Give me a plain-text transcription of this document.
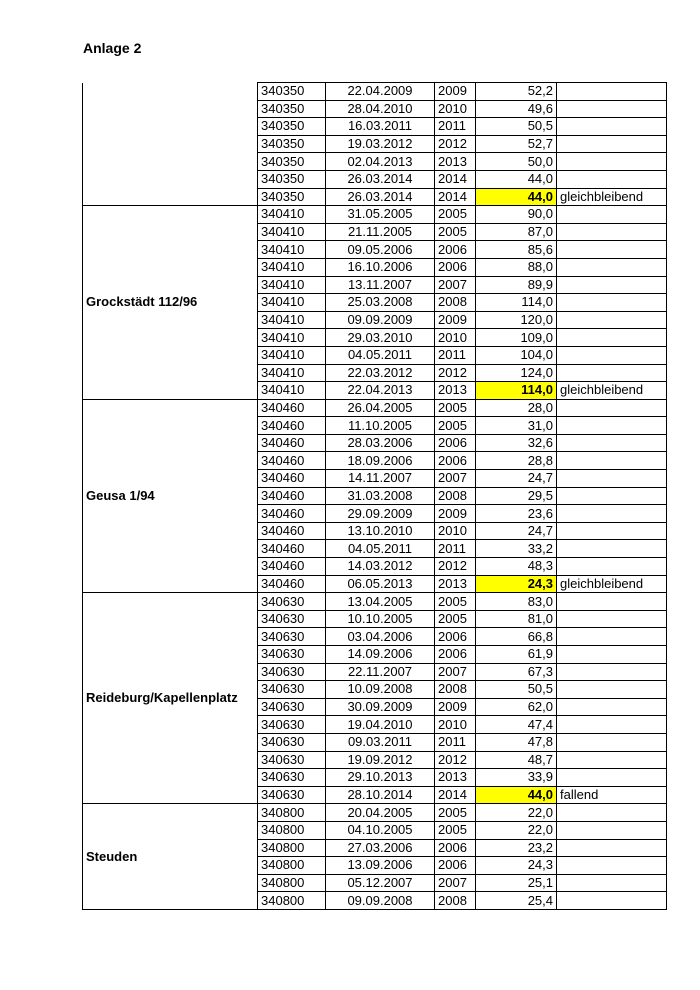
Anlage 2
	340350	22.04.2009	2009	52,2	
	340350	28.04.2010	2010	49,6	
	340350	16.03.2011	2011	50,5	
	340350	19.03.2012	2012	52,7	
	340350	02.04.2013	2013	50,0	
	340350	26.03.2014	2014	44,0	
	340350	26.03.2014	2014	44,0	gleichbleibend
Grockstädt 112/96	340410	31.05.2005	2005	90,0	
	340410	21.11.2005	2005	87,0	
	340410	09.05.2006	2006	85,6	
	340410	16.10.2006	2006	88,0	
	340410	13.11.2007	2007	89,9	
	340410	25.03.2008	2008	114,0	
	340410	09.09.2009	2009	120,0	
	340410	29.03.2010	2010	109,0	
	340410	04.05.2011	2011	104,0	
	340410	22.03.2012	2012	124,0	
	340410	22.04.2013	2013	114,0	gleichbleibend
Geusa 1/94	340460	26.04.2005	2005	28,0	
	340460	11.10.2005	2005	31,0	
	340460	28.03.2006	2006	32,6	
	340460	18.09.2006	2006	28,8	
	340460	14.11.2007	2007	24,7	
	340460	31.03.2008	2008	29,5	
	340460	29.09.2009	2009	23,6	
	340460	13.10.2010	2010	24,7	
	340460	04.05.2011	2011	33,2	
	340460	14.03.2012	2012	48,3	
	340460	06.05.2013	2013	24,3	gleichbleibend
Reideburg/Kapellenplatz	340630	13.04.2005	2005	83,0	
	340630	10.10.2005	2005	81,0	
	340630	03.04.2006	2006	66,8	
	340630	14.09.2006	2006	61,9	
	340630	22.11.2007	2007	67,3	
	340630	10.09.2008	2008	50,5	
	340630	30.09.2009	2009	62,0	
	340630	19.04.2010	2010	47,4	
	340630	09.03.2011	2011	47,8	
	340630	19.09.2012	2012	48,7	
	340630	29.10.2013	2013	33,9	
	340630	28.10.2014	2014	44,0	fallend
Steuden	340800	20.04.2005	2005	22,0	
	340800	04.10.2005	2005	22,0	
	340800	27.03.2006	2006	23,2	
	340800	13.09.2006	2006	24,3	
	340800	05.12.2007	2007	25,1	
	340800	09.09.2008	2008	25,4	
